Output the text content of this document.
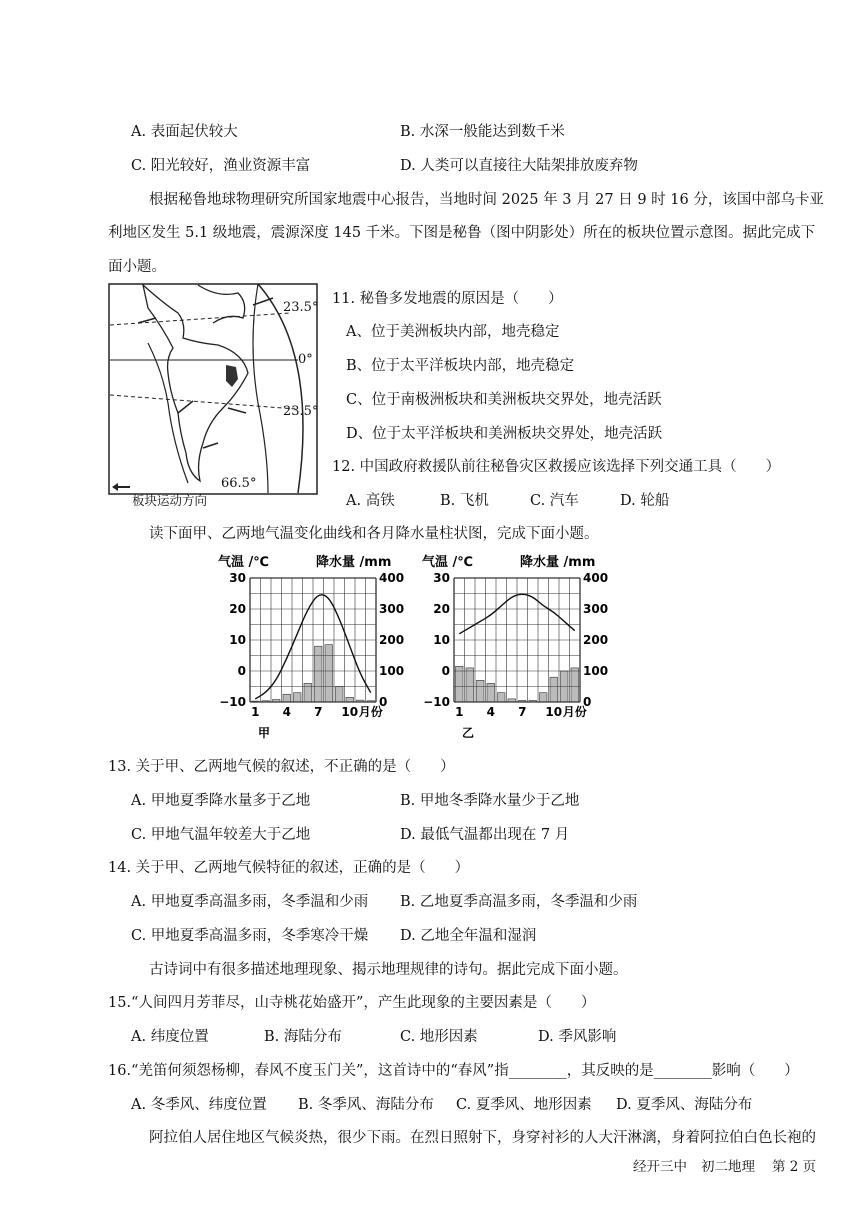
A. 表面起伏较大	B. 水深一般能达到数千米
C. 阳光较好，渔业资源丰富	D. 人类可以直接往大陆架排放废弃物
根据秘鲁地球物理研究所国家地震中心报告，当地时间 2025 年 3 月 27 日 9 时 16 分，该国中部乌卡亚
利地区发生 5.1 级地震，震源深度 145 千米。下图是秘鲁（图中阴影处）所在的板块位置示意图。据此完成下
面小题。
23.5°
0°
23.5°
66.5°
板块运动方向
11. 秘鲁多发地震的原因是（　　）
A、位于美洲板块内部，地壳稳定
B、位于太平洋板块内部，地壳稳定
C、位于南极洲板块和美洲板块交界处，地壳活跃
D、位于太平洋板块和美洲板块交界处，地壳活跃
12. 中国政府救援队前往秘鲁灾区救援应该选择下列交通工具（　　）
A. 高铁	B. 飞机	C. 汽车	D. 轮船
读下面甲、乙两地气温变化曲线和各月降水量柱状图，完成下面小题。
气温 /℃	降水量 /mm
30
20
10
0
−10
400
300
200
100
0
1 4 7 10 月份
甲
气温 /℃	降水量 /mm
30
20
10
0
−10
400
300
200
100
0
1 4 7 10 月份
乙
13. 关于甲、乙两地气候的叙述，不正确的是（　　）
A. 甲地夏季降水量多于乙地	B. 甲地冬季降水量少于乙地
C. 甲地气温年较差大于乙地	D. 最低气温都出现在 7 月
14. 关于甲、乙两地气候特征的叙述，正确的是（　　）
A. 甲地夏季高温多雨，冬季温和少雨 B. 乙地夏季高温多雨，冬季温和少雨
C. 甲地夏季高温多雨，冬季寒冷干燥 D. 乙地全年温和湿润
古诗词中有很多描述地理现象、揭示地理规律的诗句。据此完成下面小题。
15.“人间四月芳菲尽，山寺桃花始盛开”，产生此现象的主要因素是（　　）
A. 纬度位置	B. 海陆分布	C. 地形因素	D. 季风影响
16.“羌笛何须怨杨柳，春风不度玉门关”，这首诗中的“春风”指________，其反映的是________影响（　　）
A. 冬季风、纬度位置 B. 冬季风、海陆分布 C. 夏季风、地形因素 D. 夏季风、海陆分布
阿拉伯人居住地区气候炎热，很少下雨。在烈日照射下，身穿衬衫的人大汗淋漓，身着阿拉伯白色长袍的
经开三中 初二地理 第 2 页
